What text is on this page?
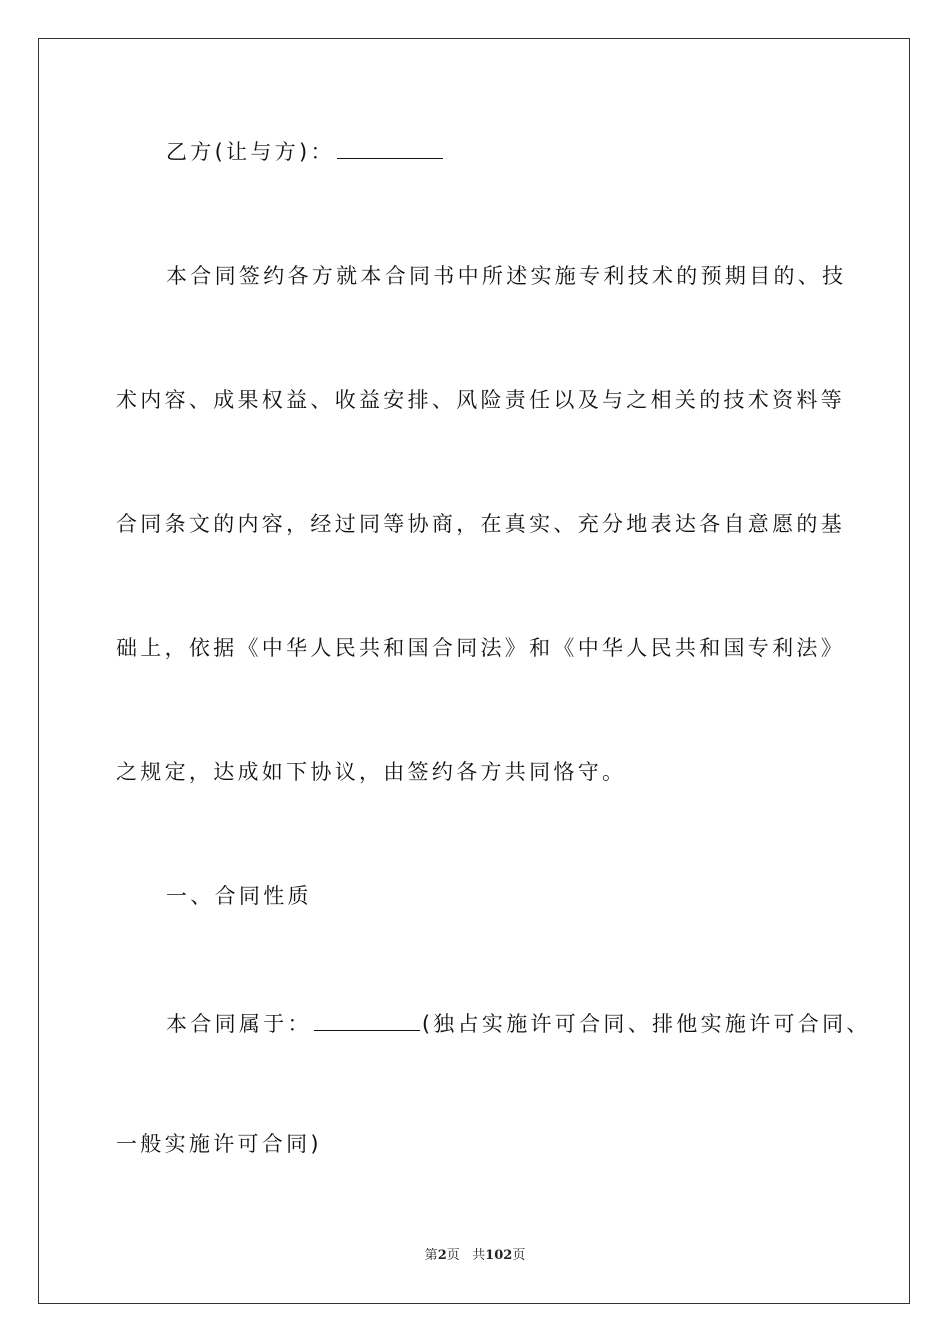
乙方(让与方)：
本合同签约各方就本合同书中所述实施专利技术的预期目的、技
术内容、成果权益、收益安排、风险责任以及与之相关的技术资料等
合同条文的内容，经过同等协商，在真实、充分地表达各自意愿的基
础上，依据《中华人民共和国合同法》和《中华人民共和国专利法》
之规定，达成如下协议，由签约各方共同恪守。
一、合同性质
本合同属于：	(独占实施许可合同、排他实施许可合同、
一般实施许可合同)
第2页 共102页
